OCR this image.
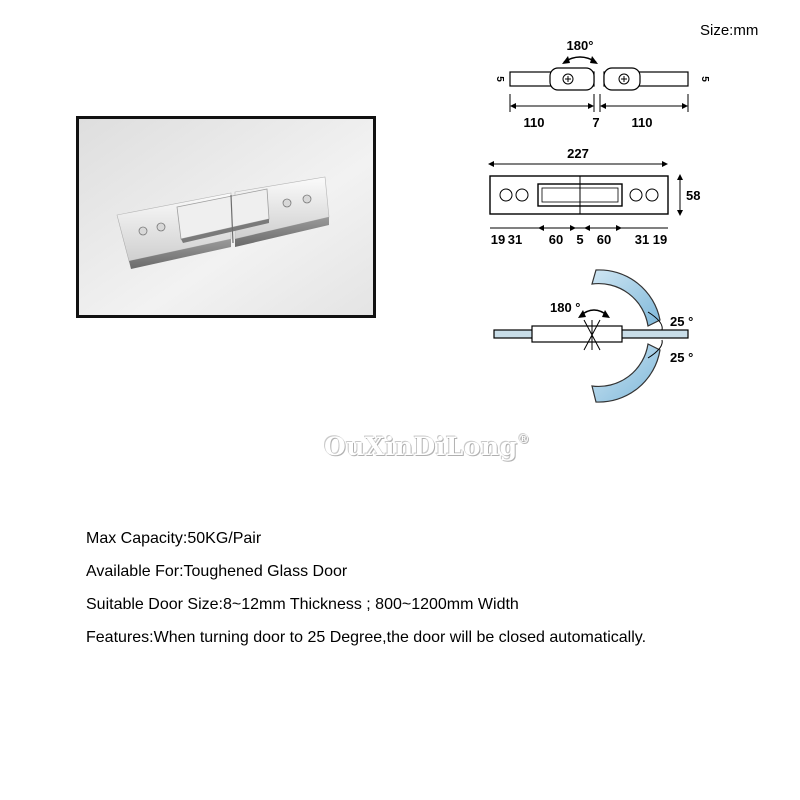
Size:mm
180°
5	5
110	7 110
227
58
19 31 60 5 60 31 19
180 °
25 °
25 °
OuXinDiLong®
Max Capacity:50KG/Pair
Available For:Toughened Glass Door
Suitable Door Size:8~12mm Thickness ; 800~1200mm Width
Features:When turning door to 25 Degree,the door will be closed automatically.
